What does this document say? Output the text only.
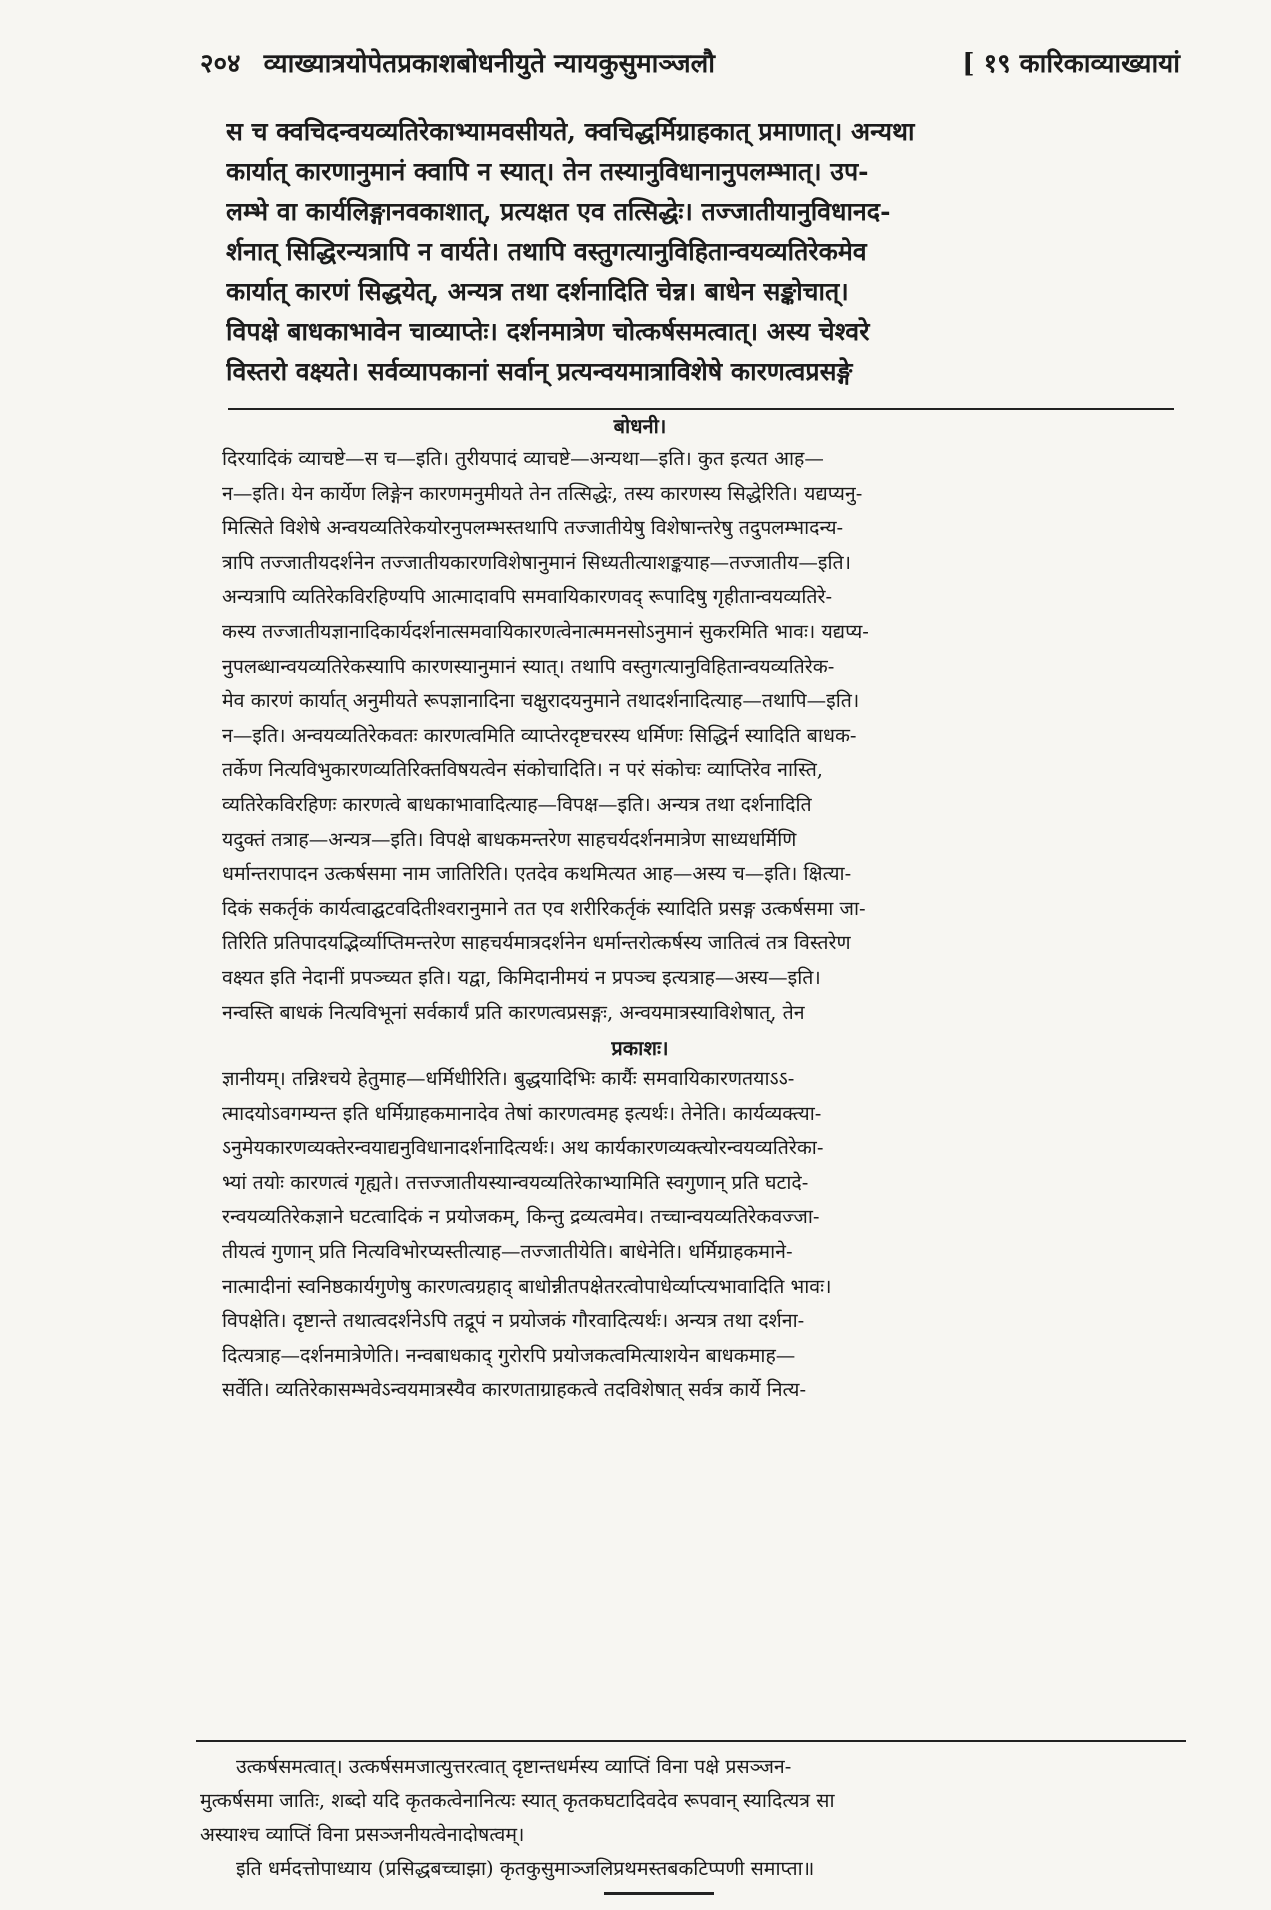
२०४ व्याख्यात्रयोपेतप्रकाशबोधनीयुते न्यायकुसुमाञ्जलौ	[ १९ कारिकाव्याख्यायां
स च क्वचिदन्वयव्यतिरेकाभ्यामवसीयते, क्वचिद्धर्मिग्राहकात् प्रमाणात्। अन्यथा
कार्यात् कारणानुमानं क्वापि न स्यात्। तेन तस्यानुविधानानुपलम्भात्। उप-
लम्भे वा कार्यलिङ्गानवकाशात्, प्रत्यक्षत एव तत्सिद्धेः। तज्जातीयानुविधानद-
र्शनात् सिद्धिरन्यत्रापि न वार्यते। तथापि वस्तुगत्यानुविहितान्वयव्यतिरेकमेव
कार्यात् कारणं सिद्धयेत्, अन्यत्र तथा दर्शनादिति चेन्न। बाधेन सङ्कोचात्।
विपक्षे बाधकाभावेन चाव्याप्तेः। दर्शनमात्रेण चोत्कर्षसमत्वात्। अस्य चेश्वरे
विस्तरो वक्ष्यते। सर्वव्यापकानां सर्वान् प्रत्यन्वयमात्राविशेषे कारणत्वप्रसङ्गे
बोधनी।
दिरयादिकं व्याचष्टे—स च—इति। तुरीयपादं व्याचष्टे—अन्यथा—इति। कुत इत्यत आह—
न—इति। येन कार्येण लिङ्गेन कारणमनुमीयते तेन तत्सिद्धेः, तस्य कारणस्य सिद्धेरिति। यद्यप्यनु-
मित्सिते विशेषे अन्वयव्यतिरेकयोरनुपलम्भस्तथापि तज्जातीयेषु विशेषान्तरेषु तदुपलम्भादन्य-
त्रापि तज्जातीयदर्शनेन तज्जातीयकारणविशेषानुमानं सिध्यतीत्याशङ्कयाह—तज्जातीय—इति।
अन्यत्रापि व्यतिरेकविरहिण्यपि आत्मादावपि समवायिकारणवद् रूपादिषु गृहीतान्वयव्यतिरे-
कस्य तज्जातीयज्ञानादिकार्यदर्शनात्समवायिकारणत्वेनात्ममनसोऽनुमानं सुकरमिति भावः। यद्यप्य-
नुपलब्धान्वयव्यतिरेकस्यापि कारणस्यानुमानं स्यात्। तथापि वस्तुगत्यानुविहितान्वयव्यतिरेक-
मेव कारणं कार्यात् अनुमीयते रूपज्ञानादिना चक्षुरादयनुमाने तथादर्शनादित्याह—तथापि—इति।
न—इति। अन्वयव्यतिरेकवतः कारणत्वमिति व्याप्तेरदृष्टचरस्य धर्मिणः सिद्धिर्न स्यादिति बाधक-
तर्केण नित्यविभुकारणव्यतिरिक्तविषयत्वेन संकोचादिति। न परं संकोचः व्याप्तिरेव नास्ति,
व्यतिरेकविरहिणः कारणत्वे बाधकाभावादित्याह—विपक्ष—इति। अन्यत्र तथा दर्शनादिति
यदुक्तं तत्राह—अन्यत्र—इति। विपक्षे बाधकमन्तरेण साहचर्यदर्शनमात्रेण साध्यधर्मिणि
धर्मान्तरापादन उत्कर्षसमा नाम जातिरिति। एतदेव कथमित्यत आह—अस्य च—इति। क्षित्या-
दिकं सकर्तृकं कार्यत्वाद्घटवदितीश्वरानुमाने तत एव शरीरिकर्तृकं स्यादिति प्रसङ्ग उत्कर्षसमा जा-
तिरिति प्रतिपादयद्भिर्व्याप्तिमन्तरेण साहचर्यमात्रदर्शनेन धर्मान्तरोत्कर्षस्य जातित्वं तत्र विस्तरेण
वक्ष्यत इति नेदानीं प्रपञ्च्यत इति। यद्वा, किमिदानीमयं न प्रपञ्च इत्यत्राह—अस्य—इति।
नन्वस्ति बाधकं नित्यविभूनां सर्वकार्यं प्रति कारणत्वप्रसङ्गः, अन्वयमात्रस्याविशेषात्, तेन
प्रकाशः।
ज्ञानीयम्। तन्निश्चये हेतुमाह—धर्मिधीरिति। बुद्धयादिभिः कार्यैः समवायिकारणतयाऽऽ-
त्मादयोऽवगम्यन्त इति धर्मिग्राहकमानादेव तेषां कारणत्वमह इत्यर्थः। तेनेति। कार्यव्यक्त्या-
ऽनुमेयकारणव्यक्तेरन्वयाद्यनुविधानादर्शनादित्यर्थः। अथ कार्यकारणव्यक्त्योरन्वयव्यतिरेका-
भ्यां तयोः कारणत्वं गृह्यते। तत्तज्जातीयस्यान्वयव्यतिरेकाभ्यामिति स्वगुणान् प्रति घटादे-
रन्वयव्यतिरेकज्ञाने घटत्वादिकं न प्रयोजकम्, किन्तु द्रव्यत्वमेव। तच्चान्वयव्यतिरेकवज्जा-
तीयत्वं गुणान् प्रति नित्यविभोरप्यस्तीत्याह—तज्जातीयेति। बाधेनेति। धर्मिग्राहकमाने-
नात्मादीनां स्वनिष्ठकार्यगुणेषु कारणत्वग्रहाद् बाधोन्नीतपक्षेतरत्वोपाधेर्व्याप्त्यभावादिति भावः।
विपक्षेति। दृष्टान्ते तथात्वदर्शनेऽपि तद्रूपं न प्रयोजकं गौरवादित्यर्थः। अन्यत्र तथा दर्शना-
दित्यत्राह—दर्शनमात्रेणेति। नन्वबाधकाद् गुरोरपि प्रयोजकत्वमित्याशयेन बाधकमाह—
सर्वेति। व्यतिरेकासम्भवेऽन्वयमात्रस्यैव कारणताग्राहकत्वे तदविशेषात् सर्वत्र कार्ये नित्य-
उत्कर्षसमत्वात्। उत्कर्षसमजात्युत्तरत्वात् दृष्टान्तधर्मस्य व्याप्तिं विना पक्षे प्रसञ्जन-
मुत्कर्षसमा जातिः, शब्दो यदि कृतकत्वेनानित्यः स्यात् कृतकघटादिवदेव रूपवान् स्यादित्यत्र सा
अस्याश्च व्याप्तिं विना प्रसञ्जनीयत्वेनादोषत्वम्।
इति धर्मदत्तोपाध्याय (प्रसिद्धबच्चाझा) कृतकुसुमाञ्जलिप्रथमस्तबकटिप्पणी समाप्ता॥
